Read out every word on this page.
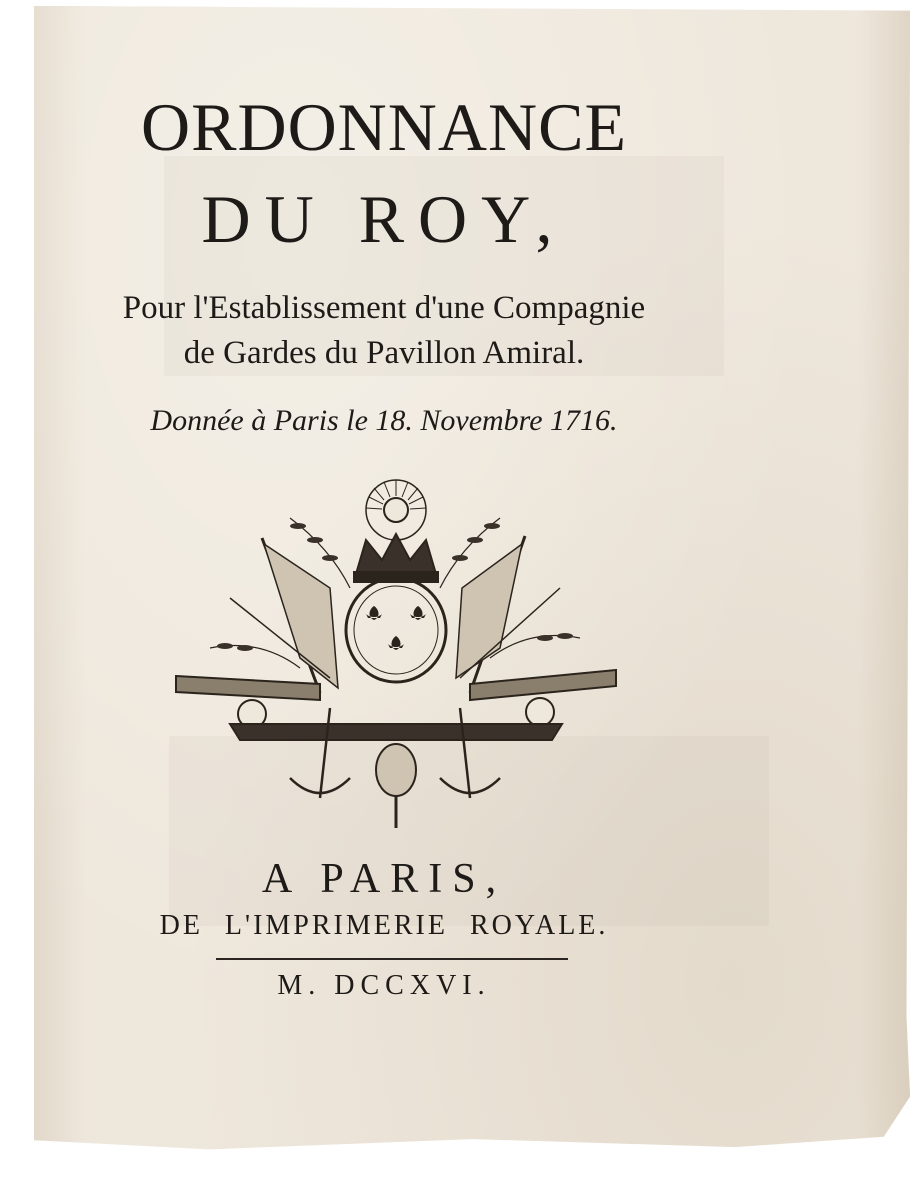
ORDONNANCE
DU ROY,
Pour l'Establissement d'une Compagnie
de Gardes du Pavillon Amiral.
Donnée à Paris le 18. Novembre 1716.
A PARIS,
DE L'IMPRIMERIE ROYALE.
M. DCCXVI.
